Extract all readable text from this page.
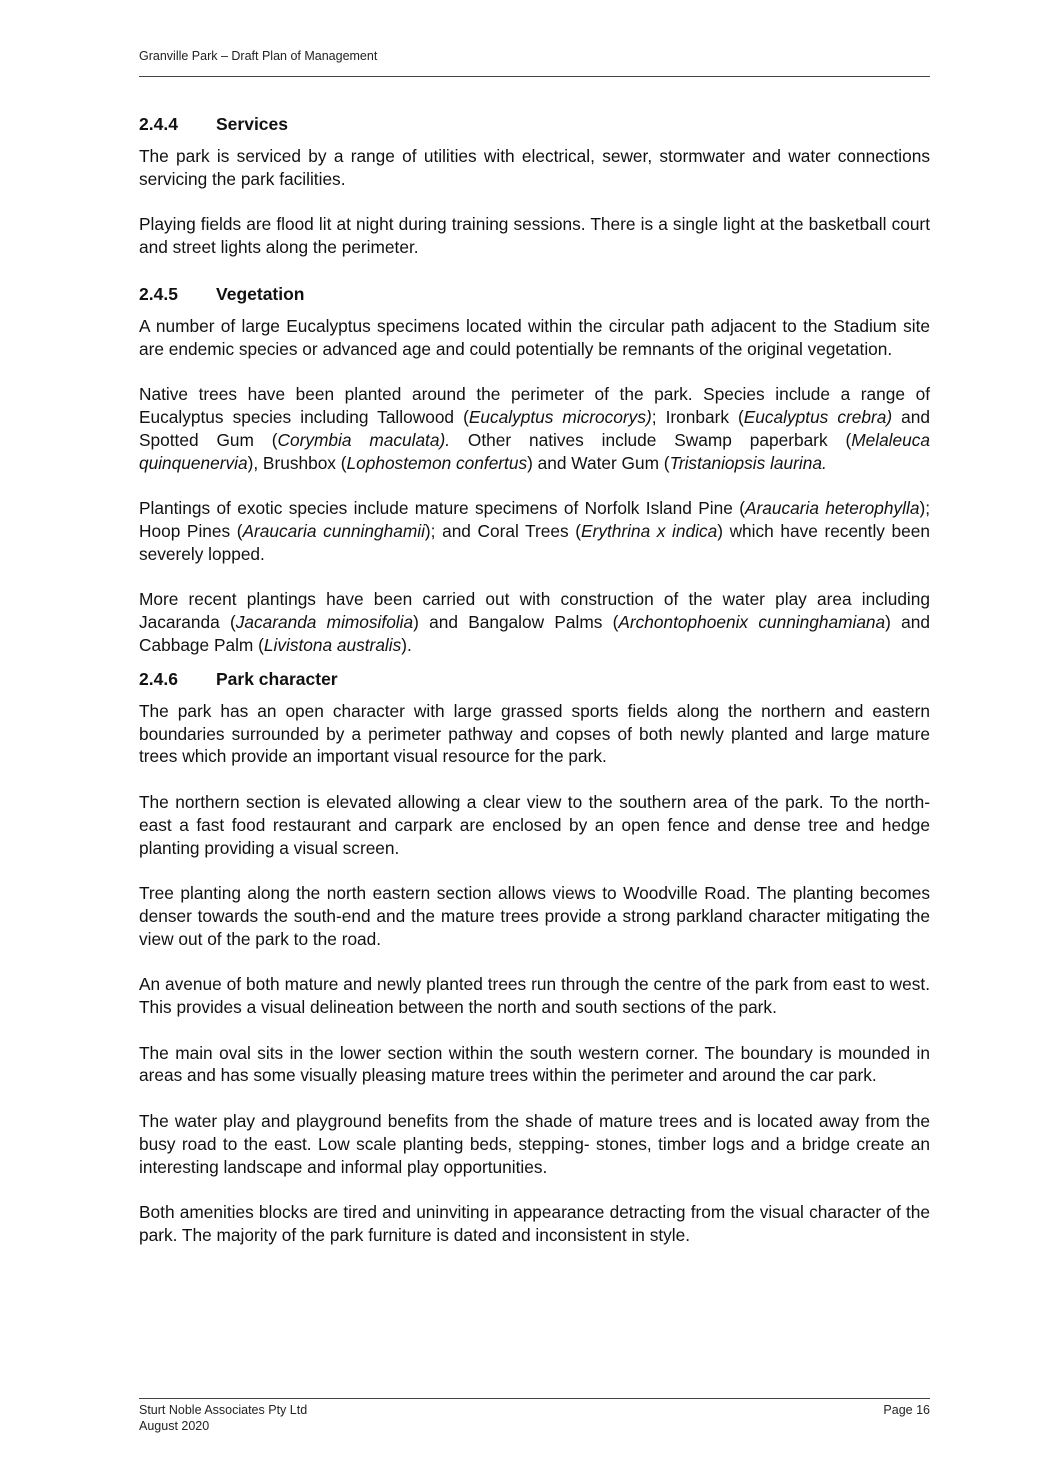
Granville Park – Draft Plan of Management
2.4.4 Services

The park is serviced by a range of utilities with electrical, sewer, stormwater and water connections servicing the park facilities.

Playing fields are flood lit at night during training sessions. There is a single light at the basketball court and street lights along the perimeter.

2.4.5 Vegetation

A number of large Eucalyptus specimens located within the circular path adjacent to the Stadium site are endemic species or advanced age and could potentially be remnants of the original vegetation.

Native trees have been planted around the perimeter of the park. Species include a range of Eucalyptus species including Tallowood (Eucalyptus microcorys); Ironbark (Eucalyptus crebra) and Spotted Gum (Corymbia maculata). Other natives include Swamp paperbark (Melaleuca quinquenervia), Brushbox (Lophostemon confertus) and Water Gum (Tristaniopsis laurina.

Plantings of exotic species include mature specimens of Norfolk Island Pine (Araucaria heterophylla); Hoop Pines (Araucaria cunninghamii); and Coral Trees (Erythrina x indica) which have recently been severely lopped.

More recent plantings have been carried out with construction of the water play area including Jacaranda (Jacaranda mimosifolia) and Bangalow Palms (Archontophoenix cunninghamiana) and Cabbage Palm (Livistona australis).

2.4.6 Park character

The park has an open character with large grassed sports fields along the northern and eastern boundaries surrounded by a perimeter pathway and copses of both newly planted and large mature trees which provide an important visual resource for the park.

The northern section is elevated allowing a clear view to the southern area of the park. To the north-east a fast food restaurant and carpark are enclosed by an open fence and dense tree and hedge planting providing a visual screen.

Tree planting along the north eastern section allows views to Woodville Road. The planting becomes denser towards the south-end and the mature trees provide a strong parkland character mitigating the view out of the park to the road.

An avenue of both mature and newly planted trees run through the centre of the park from east to west. This provides a visual delineation between the north and south sections of the park.

The main oval sits in the lower section within the south western corner. The boundary is mounded in areas and has some visually pleasing mature trees within the perimeter and around the car park.

The water play and playground benefits from the shade of mature trees and is located away from the busy road to the east. Low scale planting beds, stepping- stones, timber logs and a bridge create an interesting landscape and informal play opportunities.

Both amenities blocks are tired and uninviting in appearance detracting from the visual character of the park. The majority of the park furniture is dated and inconsistent in style.

Sturt Noble Associates Pty Ltd
August 2020
Page 16
